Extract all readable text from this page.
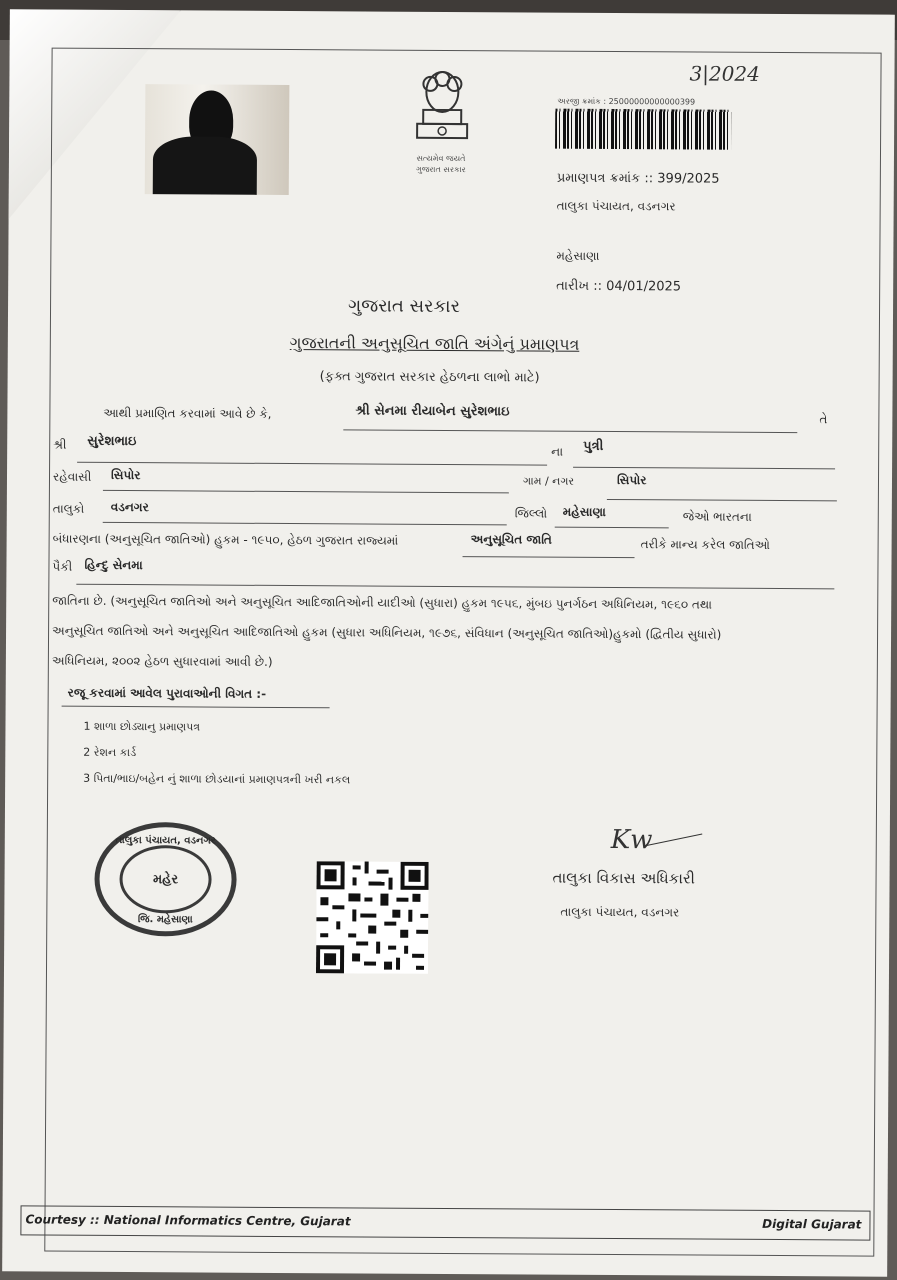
સત્યમેવ જયતે
ગુજરાત સરકાર
3|2024
અરજી ક્રમાંક : 25000000000000399
પ્રમાણપત્ર ક્રમાંક :: 399/2025
તાલુકા પંચાયત, વડનગર
મહેસાણા
તારીખ :: 04/01/2025
ગુજરાત સરકાર
ગુજરાતની અનુસૂચિત જાતિ અંગેનું પ્રમાણપત્ર
(ફક્ત ગુજરાત સરકાર હેઠળના લાભો માટે)
આથી પ્રમાણિત કરવામાં આવે છે કે,	શ્રી સેનમા રીયાબેન સુરેશભાઇ	તે
શ્રી સુરેશભાઇ
ના પુત્રી
રહેવાસી સિપોર	ગામ / નગર	સિપોર
તાલુકો વડનગર	જિલ્લો મહેસાણા	જેઓ ભારતના
બંધારણના (અનુસૂચિત જાતિઓ) હુકમ - ૧૯૫૦, હેઠળ ગુજરાત રાજ્યમાં	અનુસૂચિત જાતિ	તરીકે માન્ય કરેલ જાતિઓ
પૈકી હિન્દુ સેનમા
જાતિના છે. (અનુસૂચિત જાતિઓ અને અનુસૂચિત આદિજાતિઓની યાદીઓ (સુધારા) હુકમ ૧૯૫૬, મુંબઇ પુનર્ગઠન અધિનિયમ, ૧૯૬૦ તથા
અનુસૂચિત જાતિઓ અને અનુસૂચિત આદિજાતિઓ હુકમ (સુધારા અધિનિયમ, ૧૯૭૬, સંવિધાન (અનુસૂચિત જાતિઓ)હુકમો (દ્વિતીય સુધારો)
અધિનિયમ, ૨૦૦૨ હેઠળ સુધારવામાં આવી છે.)
રજૂ કરવામાં આવેલ પુરાવાઓની વિગત :-
1 શાળા છોડ્યાનુ પ્રમાણપત્ર
2 રેશન કાર્ડ
3 પિતા/ભાઇ/બહેન નું શાળા છોડયાનાં પ્રમાણપત્રની ખરી નકલ
તાલુકા પંચાયત, વડનગર
મહેર
જિ. મહેસાણા
Kw
તાલુકા વિકાસ અધિકારી
તાલુકા પંચાયત, વડનગર
Courtesy :: National Informatics Centre, Gujarat	Digital Gujarat
